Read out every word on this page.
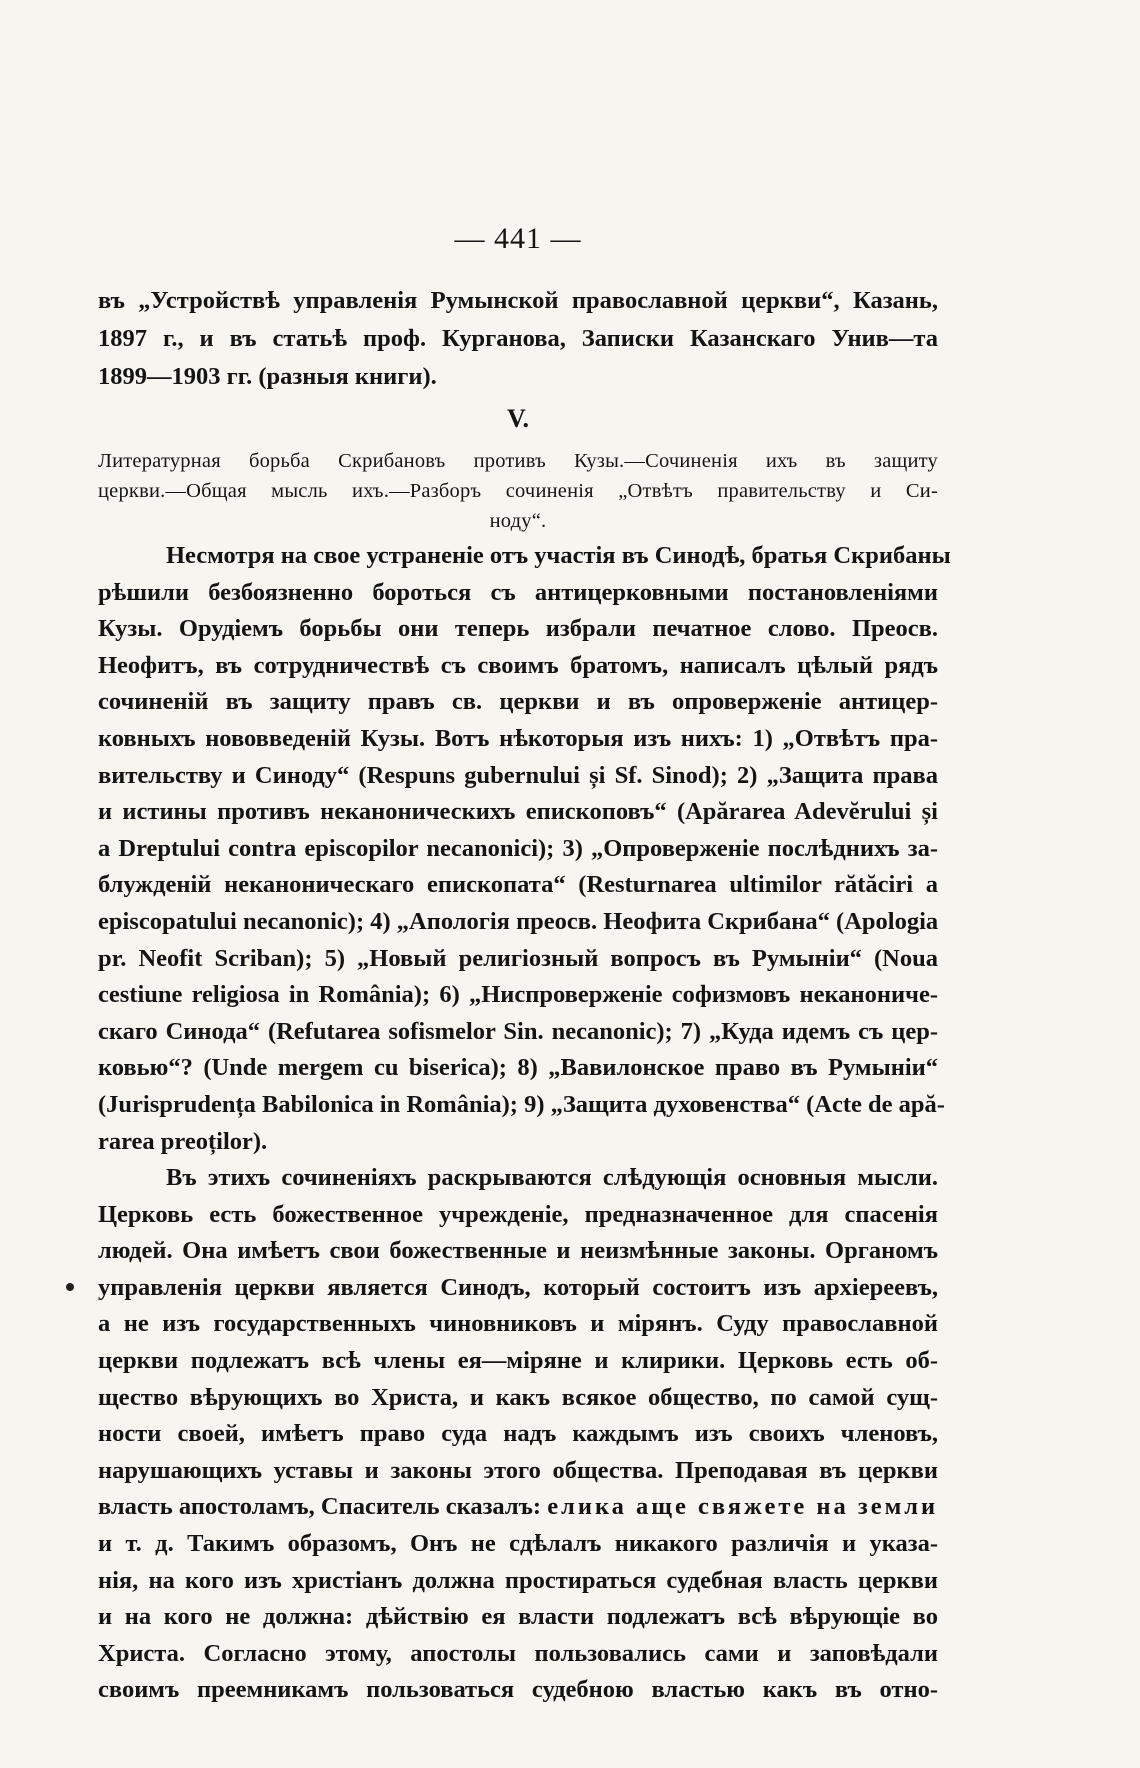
— 441 —
въ „Устройствѣ управленія Румынской православной церкви“, Казань,
1897 г., и въ статьѣ проф. Курганова, Записки Казанскаго Унив—та
1899—1903 гг. (разныя книги).
V.
Литературная борьба Скрибановъ противъ Кузы.—Сочиненія ихъ въ защиту
церкви.—Общая мысль ихъ.—Разборъ сочиненія „Отвѣтъ правительству и Си-
ноду“.
Несмотря на свое устраненіе отъ участія въ Синодѣ, братья Скрибаны
рѣшили безбоязненно бороться съ антицерковными постановленіями
Кузы. Орудіемъ борьбы они теперь избрали печатное слово. Преосв.
Неофитъ, въ сотрудничествѣ съ своимъ братомъ, написалъ цѣлый рядъ
сочиненій въ защиту правъ св. церкви и въ опроверженіе антицер-
ковныхъ нововведеній Кузы. Вотъ нѣкоторыя изъ нихъ: 1) „Отвѣтъ пра-
вительству и Синоду“ (Respuns gubernului și Sf. Sinod); 2) „Защита права
и истины противъ неканоническихъ епископовъ“ (Apărarea Adevĕrului și
a Dreptului contra episcopilor necanonici); 3) „Опроверженіе послѣднихъ за-
блужденій неканоническаго епископата“ (Resturnarea ultimilor rătăciri a
episcopatului necanonic); 4) „Апологія преосв. Неофита Скрибана“ (Apologia
pr. Neofit Scriban); 5) „Новый религіозный вопросъ въ Румыніи“ (Noua
cestiune religiosa in România); 6) „Ниспроверженіе софизмовъ неканониче-
скаго Синода“ (Refutarea sofismelor Sin. necanonic); 7) „Куда идемъ съ цер-
ковью“? (Unde mergem cu biserica); 8) „Вавилонское право въ Румыніи“
(Jurisprudența Babilonica in România); 9) „Защита духовенства“ (Acte de apă-
rarea preoților).
Въ этихъ сочиненіяхъ раскрываются слѣдующія основныя мысли.
Церковь есть божественное учрежденіе, предназначенное для спасенія
людей. Она имѣетъ свои божественные и неизмѣнные законы. Органомъ
управленія церкви является Синодъ, который состоитъ изъ архіереевъ,
а не изъ государственныхъ чиновниковъ и мірянъ. Суду православной
церкви подлежатъ всѣ члены ея—міряне и клирики. Церковь есть об-
щество вѣрующихъ во Христа, и какъ всякое общество, по самой сущ-
ности своей, имѣетъ право суда надъ каждымъ изъ своихъ членовъ,
нарушающихъ уставы и законы этого общества. Преподавая въ церкви
власть апостоламъ, Спаситель сказалъ: елика аще свяжете на земли
и т. д. Такимъ образомъ, Онъ не сдѣлалъ никакого различія и указа-
нія, на кого изъ христіанъ должна простираться судебная власть церкви
и на кого не должна: дѣйствію ея власти подлежатъ всѣ вѣрующіе во
Христа. Согласно этому, апостолы пользовались сами и заповѣдали
своимъ преемникамъ пользоваться судебною властью какъ въ отно-
